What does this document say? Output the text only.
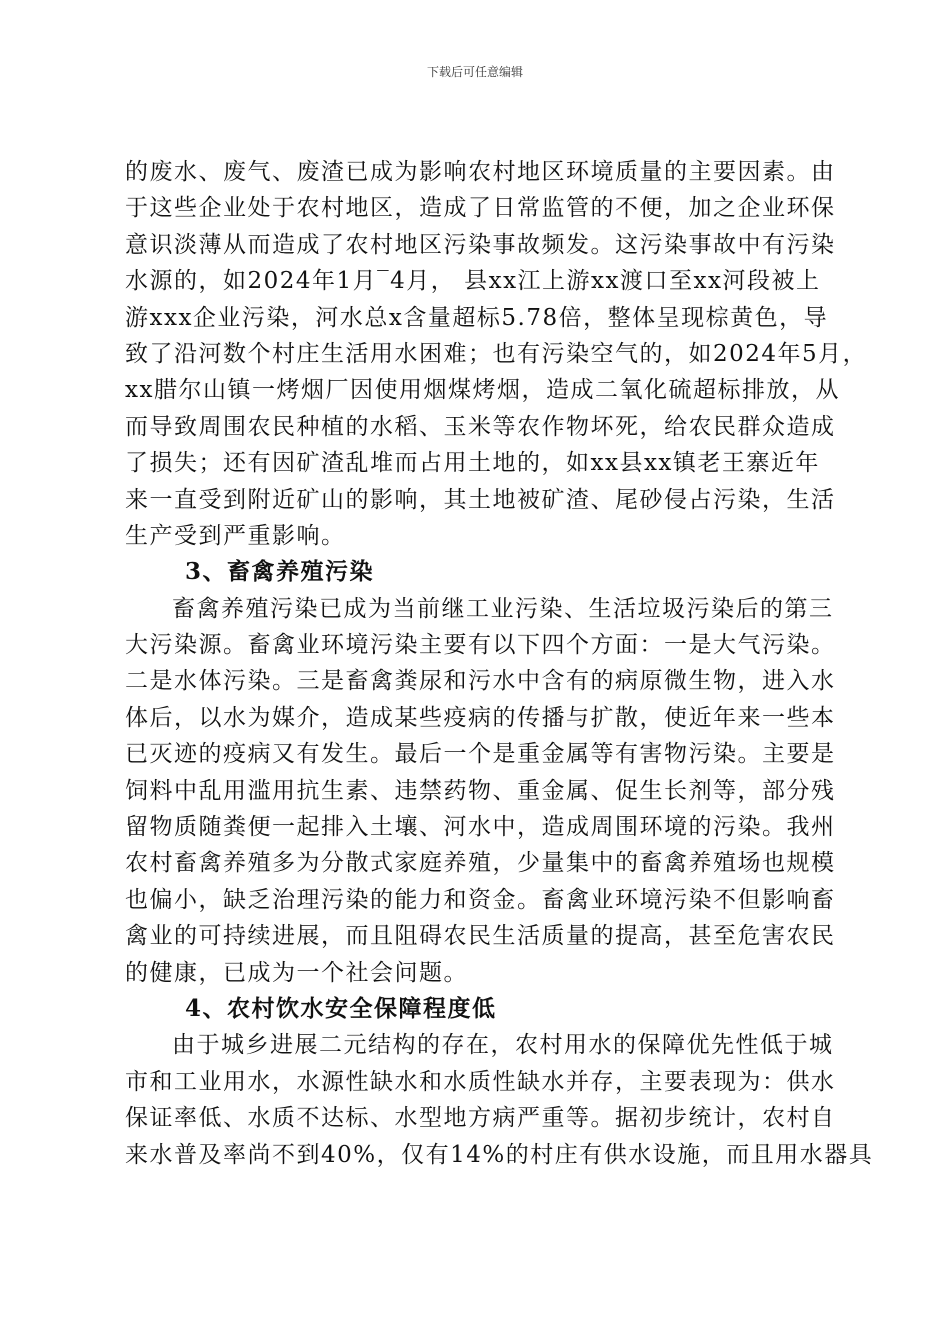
下载后可任意编辑
的废水、废气、废渣已成为影响农村地区环境质量的主要因素。由
于这些企业处于农村地区，造成了日常监管的不便，加之企业环保
意识淡薄从而造成了农村地区污染事故频发。这污染事故中有污染
水源的，如2024年1月‾4月， 县xx江上游xx渡口至xx河段被上
游xxx企业污染，河水总x含量超标5.78倍，整体呈现棕黄色，导
致了沿河数个村庄生活用水困难；也有污染空气的，如2024年5月，
xx腊尔山镇一烤烟厂因使用烟煤烤烟，造成二氧化硫超标排放，从
而导致周围农民种植的水稻、玉米等农作物坏死，给农民群众造成
了损失；还有因矿渣乱堆而占用土地的，如xx县xx镇老王寨近年
来一直受到附近矿山的影响，其土地被矿渣、尾砂侵占污染，生活
生产受到严重影响。
3、畜禽养殖污染
畜禽养殖污染已成为当前继工业污染、生活垃圾污染后的第三
大污染源。畜禽业环境污染主要有以下四个方面：一是大气污染。
二是水体污染。三是畜禽粪尿和污水中含有的病原微生物，进入水
体后，以水为媒介，造成某些疫病的传播与扩散，使近年来一些本
已灭迹的疫病又有发生。最后一个是重金属等有害物污染。主要是
饲料中乱用滥用抗生素、违禁药物、重金属、促生长剂等，部分残
留物质随粪便一起排入土壤、河水中，造成周围环境的污染。我州
农村畜禽养殖多为分散式家庭养殖，少量集中的畜禽养殖场也规模
也偏小，缺乏治理污染的能力和资金。畜禽业环境污染不但影响畜
禽业的可持续进展，而且阻碍农民生活质量的提高，甚至危害农民
的健康，已成为一个社会问题。
4、农村饮水安全保障程度低
由于城乡进展二元结构的存在，农村用水的保障优先性低于城
市和工业用水，水源性缺水和水质性缺水并存，主要表现为：供水
保证率低、水质不达标、水型地方病严重等。据初步统计，农村自
来水普及率尚不到40%，仅有14%的村庄有供水设施，而且用水器具
